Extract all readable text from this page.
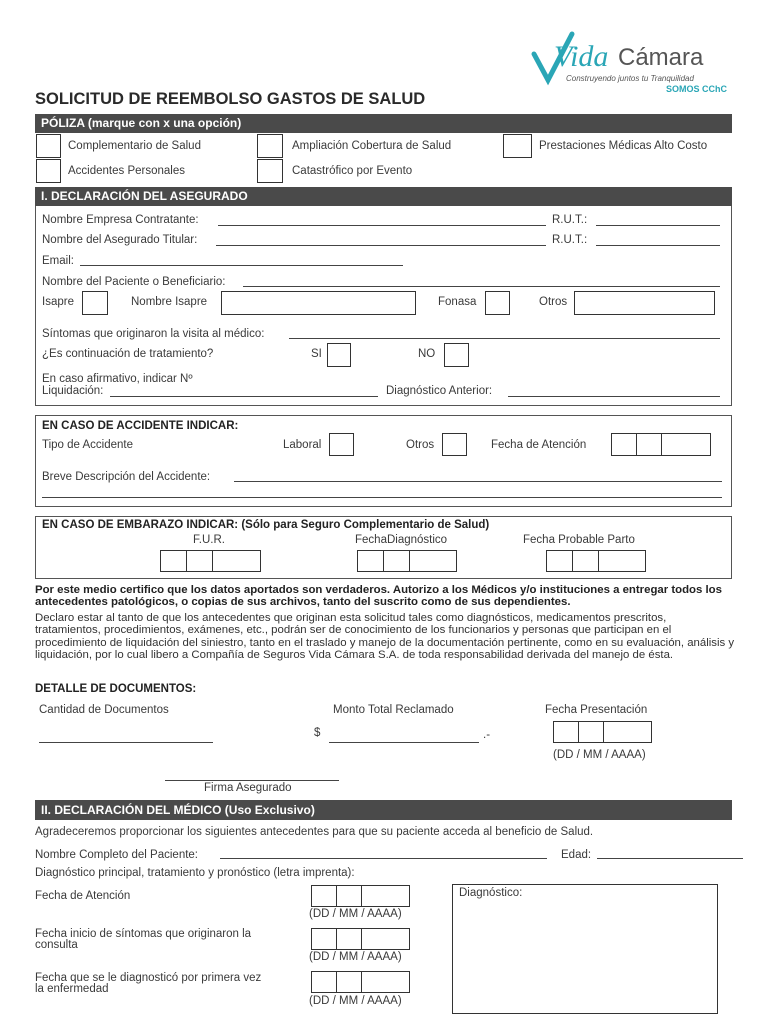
Vida Cámara
Construyendo juntos tu Tranquilidad
SOMOS CChC
SOLICITUD DE REEMBOLSO GASTOS DE SALUD
PÓLIZA (marque con x una opción)
Complementario de Salud	Ampliación Cobertura de Salud	Prestaciones Médicas Alto Costo
Accidentes Personales	Catastrófico por Evento
I. DECLARACIÓN DEL ASEGURADO
Nombre Empresa Contratante:	R.U.T.:
Nombre del Asegurado Titular:	R.U.T.:
Email:
Nombre del Paciente o Beneficiario:
Isapre	Nombre Isapre	Fonasa	Otros
Síntomas que originaron la visita al médico:
¿Es continuación de tratamiento?	SI	NO
En caso afirmativo, indicar Nº
Liquidación:	Diagnóstico Anterior:
EN CASO DE ACCIDENTE INDICAR:
Tipo de Accidente	Laboral	Otros	Fecha de Atención
Breve Descripción del Accidente:
EN CASO DE EMBARAZO INDICAR: (Sólo para Seguro Complementario de Salud)
F.U.R.	FechaDiagnóstico	Fecha Probable Parto
Por este medio certifico que los datos aportados son verdaderos. Autorizo a los Médicos y/o instituciones a entregar todos los antecedentes patológicos, o copias de sus archivos, tanto del suscrito como de sus dependientes.
Declaro estar al tanto de que los antecedentes que originan esta solicitud tales como diagnósticos, medicamentos prescritos, tratamientos, procedimientos, exámenes, etc., podrán ser de conocimiento de los funcionarios y personas que participan en el procedimiento de liquidación del siniestro, tanto en el traslado y manejo de la documentación pertinente, como en su evaluación, análisis y liquidación, por lo cual libero a Compañía de Seguros Vida Cámara S.A. de toda responsabilidad derivada del manejo de ésta.
DETALLE DE DOCUMENTOS:
Cantidad de Documentos	Monto Total Reclamado
$	.-
Fecha Presentación
(DD / MM / AAAA)
Firma Asegurado
II. DECLARACIÓN DEL MÉDICO (Uso Exclusivo)
Agradeceremos proporcionar los siguientes antecedentes para que su paciente acceda al beneficio de Salud.
Nombre Completo del Paciente:	Edad:
Diagnóstico principal, tratamiento y pronóstico (letra imprenta):
Fecha de Atención
(DD / MM / AAAA)
Fecha inicio de síntomas que originaron la
consulta
(DD / MM / AAAA)
Fecha que se le diagnosticó por primera vez
la enfermedad
(DD / MM / AAAA)
Diagnóstico:
